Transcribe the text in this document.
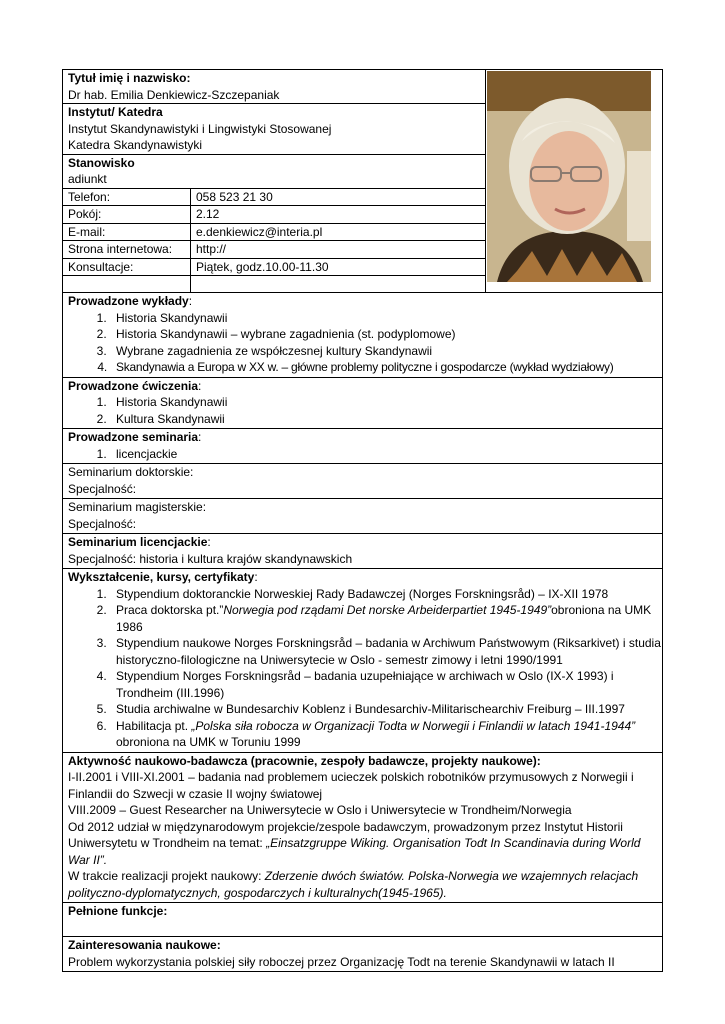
Tytuł imię i nazwisko:
Dr hab. Emilia Denkiewicz-Szczepaniak

Instytut/ Katedra
Instytut Skandynawistyki i Lingwistyki Stosowanej
Katedra Skandynawistyki		

Stanowisko
adiunkt		

Telefon:	058 523 21 30	
Pokój:	2.12	
E-mail:	e.denkiewicz@interia.pl	
Strona internetowa:	http://	
Konsultacje:	Piątek, godz.10.00-11.30	

Prowadzone wykłady:
1. Historia Skandynawii
2. Historia Skandynawii – wybrane zagadnienia (st. podyplomowe)
3. Wybrane zagadnienia ze współczesnej kultury Skandynawii
4. Skandynawia a Europa w XX w. – główne problemy polityczne i gospodarcze (wykład wydziałowy)
Prowadzone ćwiczenia:
1. Historia Skandynawii
2. Kultura Skandynawii
Prowadzone seminaria:
1. licencjackie
Seminarium doktorskie:
Specjalność:
Seminarium magisterskie:
Specjalność:
Seminarium licencjackie:
Specjalność: historia i kultura krajów skandynawskich
Wykształcenie, kursy, certyfikaty:
1. Stypendium doktoranckie Norweskiej Rady Badawczej (Norges Forskningsråd) – IX-XII 1978
2. Praca doktorska pt.”Norwegia pod rządami Det norske Arbeiderpartiet 1945-1949”obroniona na UMK 1986
3. Stypendium naukowe Norges Forskningsråd – badania w Archiwum Państwowym (Riksarkivet) i studia historyczno-filologiczne na Uniwersytecie w Oslo - semestr zimowy i letni 1990/1991
4. Stypendium Norges Forskningsråd – badania uzupełniające w archiwach w Oslo (IX-X 1993) i Trondheim (III.1996)
5. Studia archiwalne w Bundesarchiv Koblenz i Bundesarchiv-Militarischearchiv Freiburg – III.1997
6. Habilitacja pt. „Polska siła robocza w Organizacji Todta w Norwegii i Finlandii w latach 1941-1944” obroniona na UMK w Toruniu 1999
Aktywność naukowo-badawcza (pracownie, zespoły badawcze, projekty naukowe):
I-II.2001 i VIII-XI.2001 – badania nad problemem ucieczek polskich robotników przymusowych z Norwegii i Finlandii do Szwecji w czasie II wojny światowej
VIII.2009 – Guest Researcher na Uniwersytecie w Oslo i Uniwersytecie w Trondheim/Norwegia
Od 2012 udział w międzynarodowym projekcie/zespole badawczym, prowadzonym przez Instytut Historii Uniwersytetu w Trondheim na temat: „Einsatzgruppe Wiking. Organisation Todt In Scandinavia during World War II”.
W trakcie realizacji projekt naukowy: Zderzenie dwóch światów. Polska-Norwegia we wzajemnych relacjach polityczno-dyplomatycznych, gospodarczych i kulturalnych(1945-1965).
Pełnione funkcje:
Zainteresowania naukowe:
Problem wykorzystania polskiej siły roboczej przez Organizację Todt na terenie Skandynawii w latach II
